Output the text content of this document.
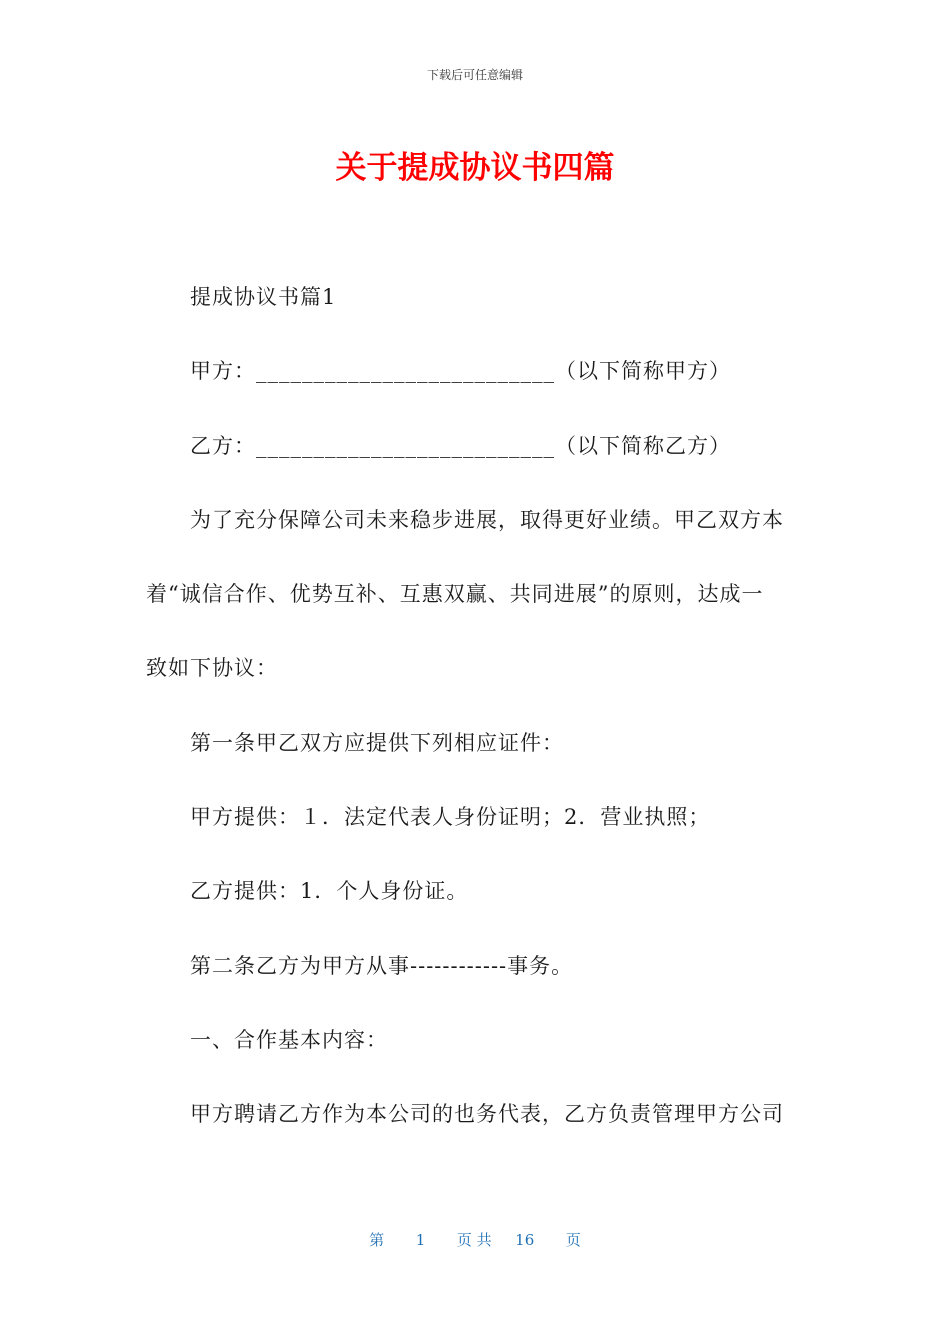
下载后可任意编辑
关于提成协议书四篇
提成协议书篇1
甲方：__________________________（以下简称甲方）
乙方：__________________________（以下简称乙方）
为了充分保障公司未来稳步进展，取得更好业绩。甲乙双方本
着“诚信合作、优势互补、互惠双赢、共同进展”的原则，达成一
致如下协议：
第一条甲乙双方应提供下列相应证件：
甲方提供：１．法定代表人身份证明；2．营业执照；
乙方提供：1．个人身份证。
第二条乙方为甲方从事------------事务。
一、合作基本内容：
甲方聘请乙方作为本公司的也务代表，乙方负责管理甲方公司
第 1 页 共 16 页
